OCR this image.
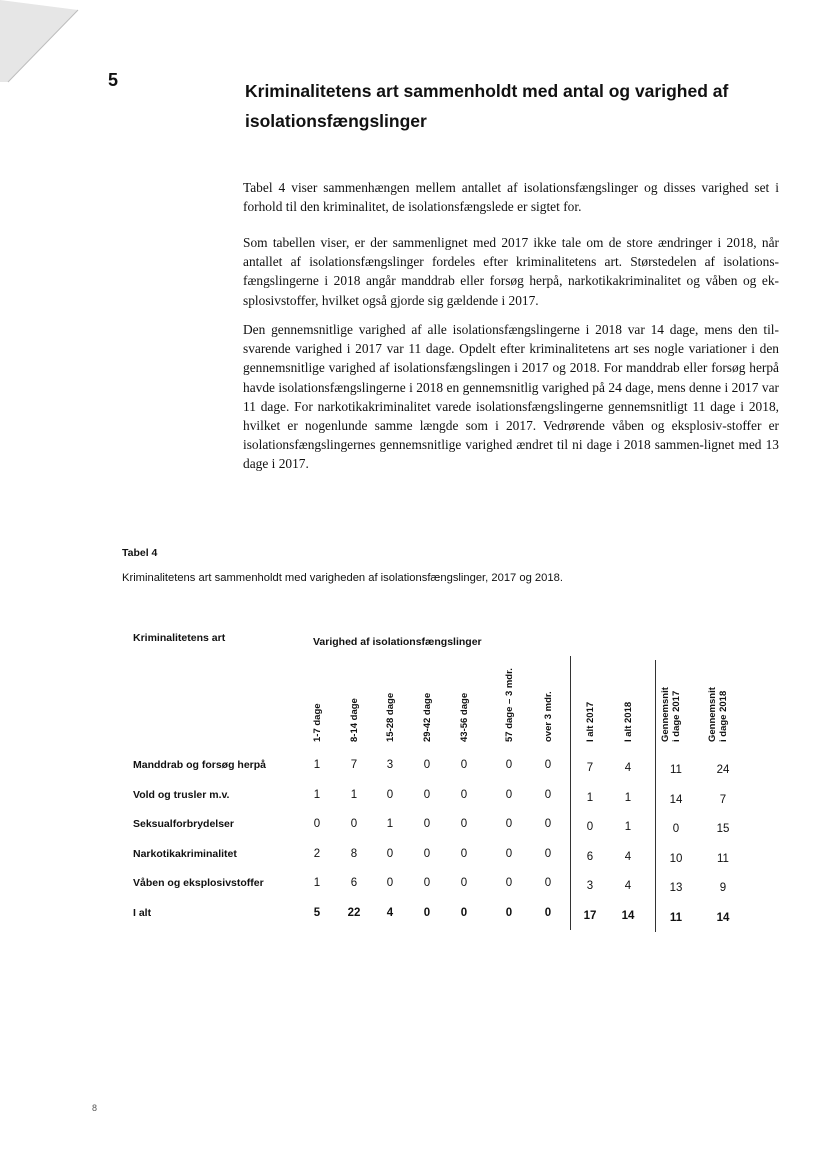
5
Kriminalitetens art sammenholdt med antal og varighed af isolationsfængslinger
Tabel 4 viser sammenhængen mellem antallet af isolationsfængslinger og disses varighed set i forhold til den kriminalitet, de isolationsfængslede er sigtet for.
Som tabellen viser, er der sammenlignet med 2017 ikke tale om de store ændringer i 2018, når antallet af isolationsfængslinger fordeles efter kriminalitetens art. Størstedelen af isolations-fængslingerne i 2018 angår manddrab eller forsøg herpå, narkotikakriminalitet og våben og ek-splosivstoffer, hvilket også gjorde sig gældende i 2017.
Den gennemsnitlige varighed af alle isolationsfængslingerne i 2018 var 14 dage, mens den til-svarende varighed i 2017 var 11 dage. Opdelt efter kriminalitetens art ses nogle variationer i den gennemsnitlige varighed af isolationsfængslingen i 2017 og 2018. For manddrab eller forsøg herpå havde isolationsfængslingerne i 2018 en gennemsnitlig varighed på 24 dage, mens denne i 2017 var 11 dage. For narkotikakriminalitet varede isolationsfængslingerne gennemsnitligt 11 dage i 2018, hvilket er nogenlunde samme længde som i 2017. Vedrørende våben og eksplosiv-stoffer er isolationsfængslingernes gennemsnitlige varighed ændret til ni dage i 2018 sammen-lignet med 13 dage i 2017.
Tabel 4
Kriminalitetens art sammenholdt med varigheden af isolationsfængslinger, 2017 og 2018.
Kriminalitetens art	Varighed af isolationsfængslinger
1-7 dage	8-14 dage	15-28 dage	29-42 dage	43-56 dage	57 dage – 3 mdr.	over 3 mdr.	I alt 2017	I alt 2018	Gennemsnit i dage 2017	Gennemsnit i dage 2018
Manddrab og forsøg herpå	1	7	3	0	0	0	0	7	4	11	24
Vold og trusler m.v.	1	1	0	0	0	0	0	1	1	14	7
Seksualforbrydelser	0	0	1	0	0	0	0	0	1	0	15
Narkotikakriminalitet	2	8	0	0	0	0	0	6	4	10	11
Våben og eksplosivstoffer	1	6	0	0	0	0	0	3	4	13	9
I alt	5	22	4	0	0	0	0	17	14	11	14
8
